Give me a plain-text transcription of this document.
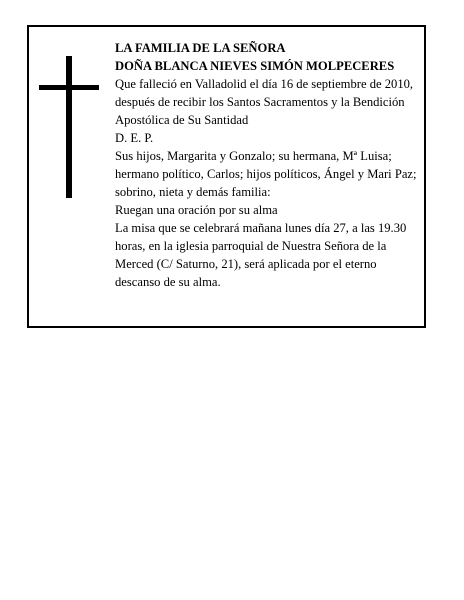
LA FAMILIA DE LA SEÑORA

DOÑA BLANCA NIEVES SIMÓN MOLPECERES

Que falleció en Valladolid el día 16 de septiembre de 2010, después de recibir los Santos Sacramentos y la Bendición Apostólica de Su Santidad

D. E. P.

Sus hijos, Margarita y Gonzalo; su hermana, Mª Luisa; hermano político, Carlos; hijos políticos, Ángel y Mari Paz; sobrino, nieta y demás familia:

Ruegan una oración por su alma

La misa que se celebrará mañana lunes día 27, a las 19.30 horas, en la iglesia parroquial de Nuestra Señora de la Merced (C/ Saturno, 21), será aplicada por el eterno descanso de su alma.
